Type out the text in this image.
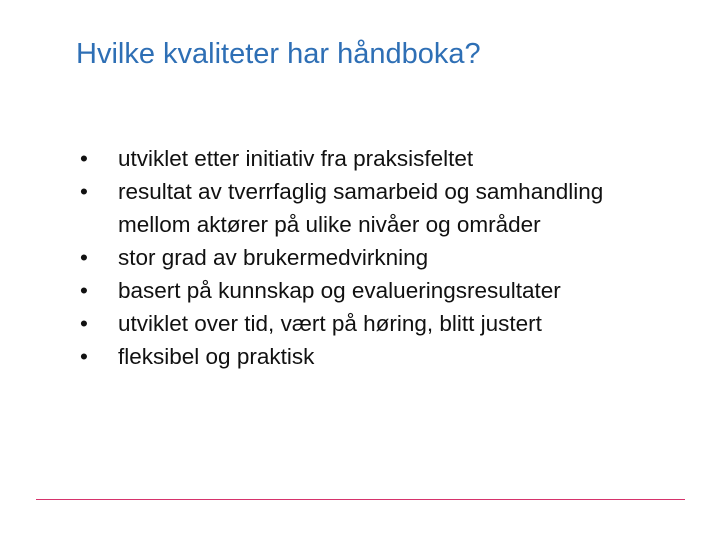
Hvilke kvaliteter har håndboka?
•	utviklet etter initiativ fra praksisfeltet
•	resultat av tverrfaglig samarbeid og samhandling mellom aktører på ulike nivåer og områder
•	stor grad av brukermedvirkning
•	basert på kunnskap og evalueringsresultater
•	utviklet over tid, vært på høring, blitt justert
•	fleksibel og praktisk
